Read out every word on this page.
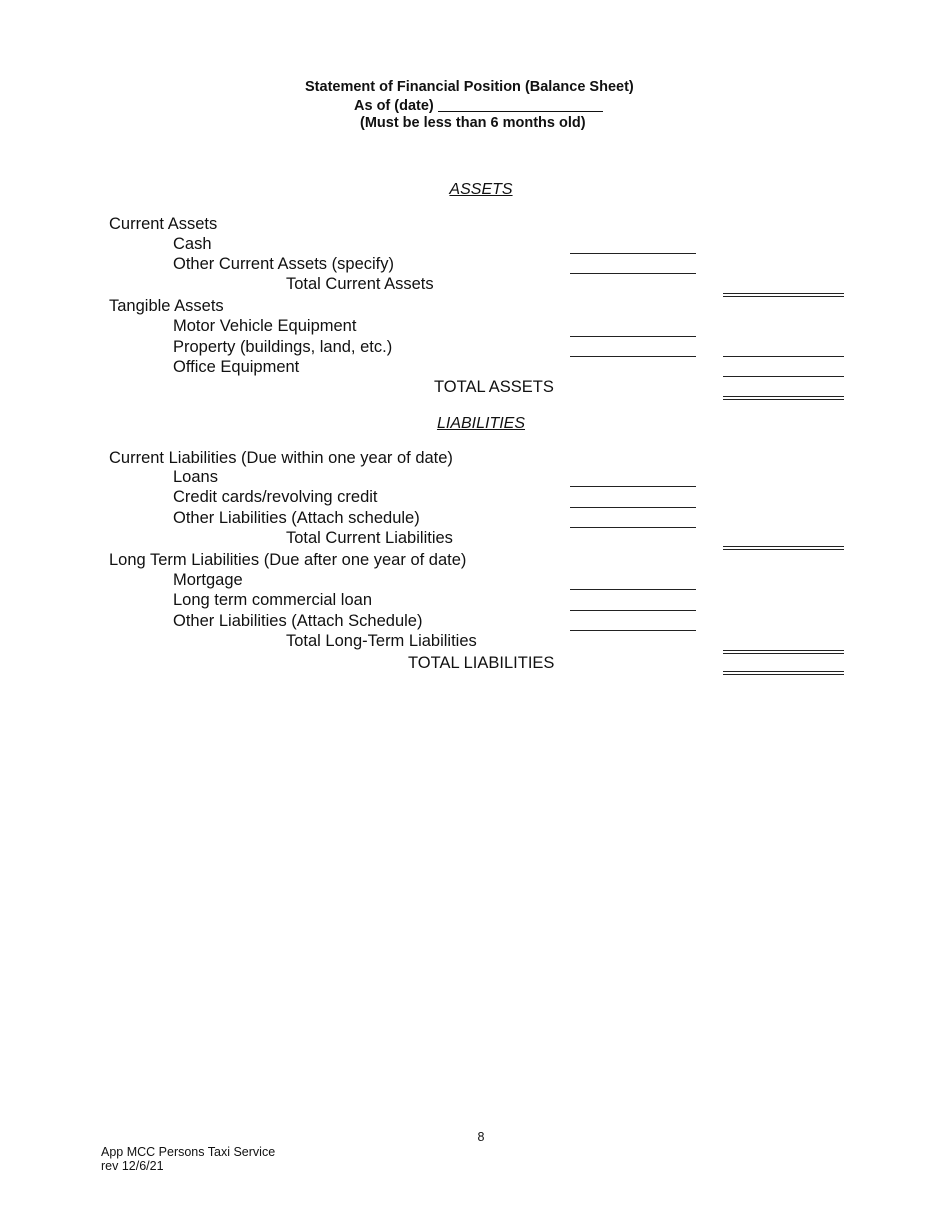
Statement of Financial Position (Balance Sheet)
As of (date)
(Must be less than 6 months old)
ASSETS
Current Assets
Cash
Other Current Assets (specify)
Total Current Assets
Tangible Assets
Motor Vehicle Equipment
Property (buildings, land, etc.)
Office Equipment
TOTAL ASSETS
LIABILITIES
Current Liabilities (Due within one year of date)
Loans
Credit cards/revolving credit
Other Liabilities (Attach schedule)
Total Current Liabilities
Long Term Liabilities (Due after one year of date)
Mortgage
Long term commercial loan
Other Liabilities (Attach Schedule)
Total Long-Term Liabilities
TOTAL LIABILITIES
8
App MCC Persons Taxi Service
rev 12/6/21
